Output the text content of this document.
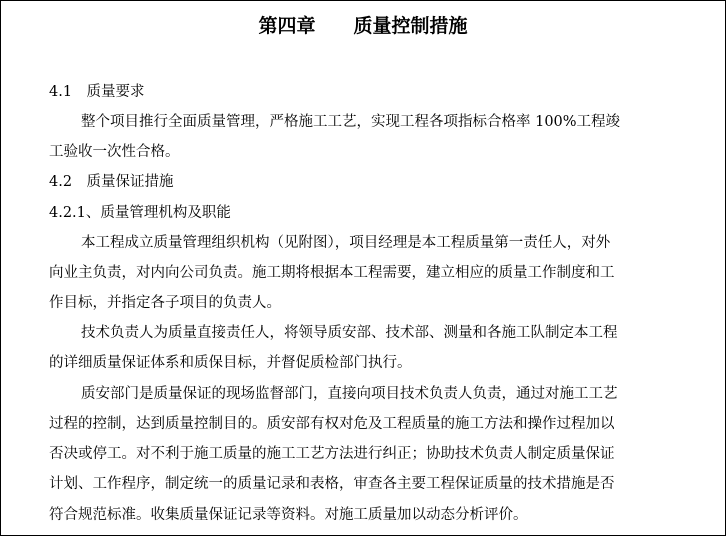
第四章　　质量控制措施
4.1　质量要求
整个项目推行全面质量管理，严格施工工艺，实现工程各项指标合格率 100%工程竣
工验收一次性合格。
4.2　质量保证措施
4.2.1、质量管理机构及职能
本工程成立质量管理组织机构（见附图），项目经理是本工程质量第一责任人，对外
向业主负责，对内向公司负责。施工期将根据本工程需要，建立相应的质量工作制度和工
作目标，并指定各子项目的负责人。
技术负责人为质量直接责任人，将领导质安部、技术部、测量和各施工队制定本工程
的详细质量保证体系和质保目标，并督促质检部门执行。
质安部门是质量保证的现场监督部门，直接向项目技术负责人负责，通过对施工工艺
过程的控制，达到质量控制目的。质安部有权对危及工程质量的施工方法和操作过程加以
否决或停工。对不利于施工质量的施工工艺方法进行纠正；协助技术负责人制定质量保证
计划、工作程序，制定统一的质量记录和表格，审查各主要工程保证质量的技术措施是否
符合规范标准。收集质量保证记录等资料。对施工质量加以动态分析评价。
